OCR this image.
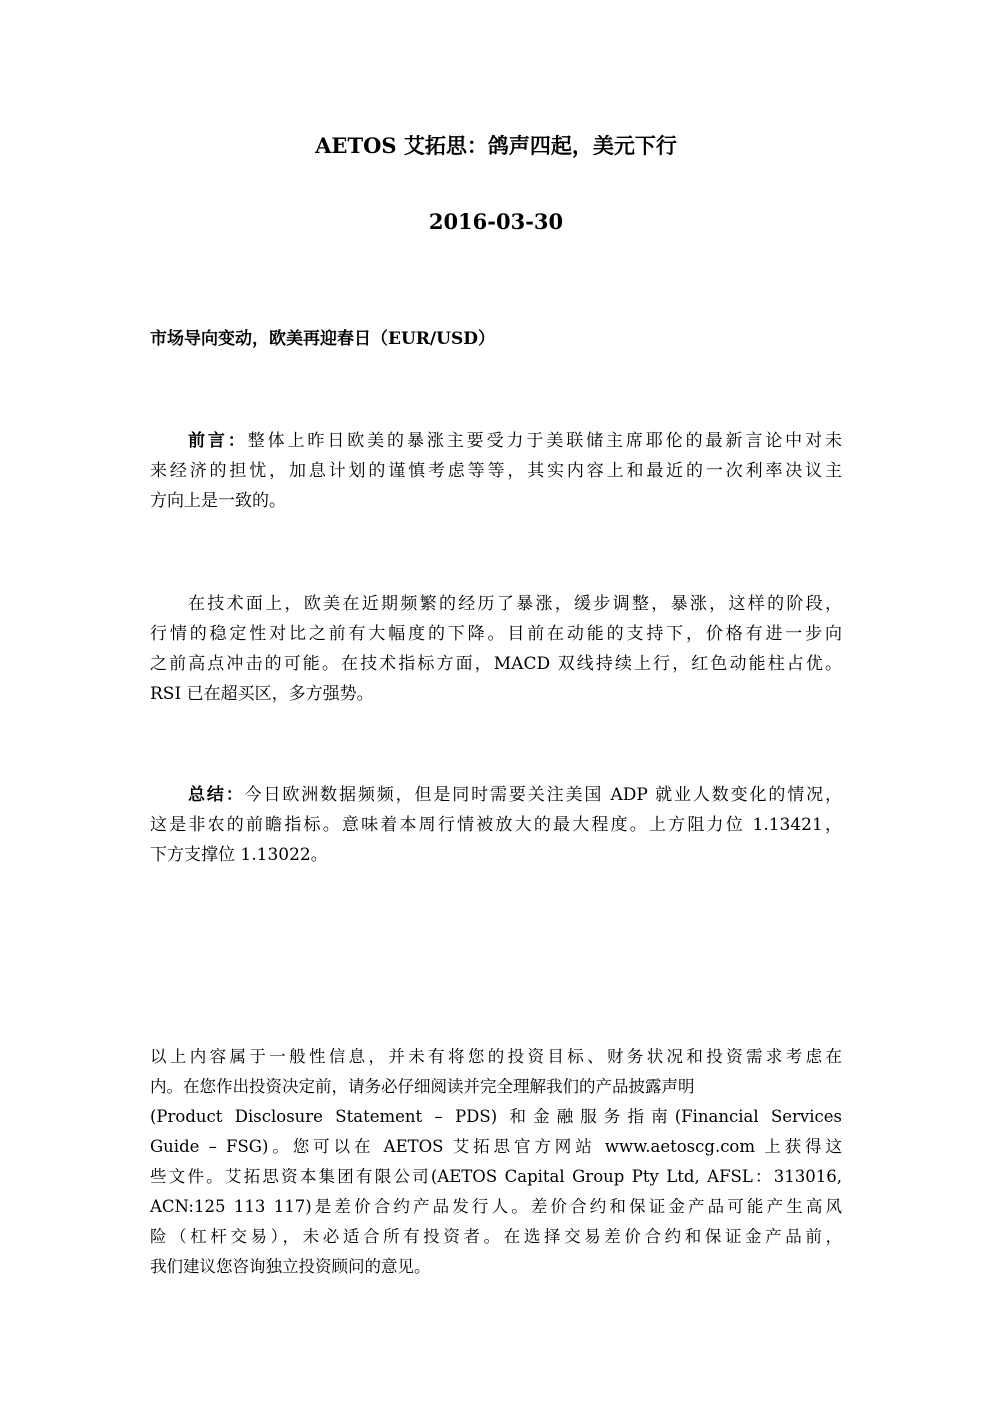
AETOS 艾拓思：鸽声四起，美元下行
2016-03-30
市场导向变动，欧美再迎春日（EUR/USD）
前言：整体上昨日欧美的暴涨主要受力于美联储主席耶伦的最新言论中对未
来经济的担忧，加息计划的谨慎考虑等等，其实内容上和最近的一次利率决议主
方向上是一致的。
在技术面上，欧美在近期频繁的经历了暴涨，缓步调整，暴涨，这样的阶段，
行情的稳定性对比之前有大幅度的下降。目前在动能的支持下，价格有进一步向
之前高点冲击的可能。在技术指标方面，MACD 双线持续上行，红色动能柱占优。
RSI 已在超买区，多方强势。
总结：今日欧洲数据频频，但是同时需要关注美国 ADP 就业人数变化的情况，
这是非农的前瞻指标。意味着本周行情被放大的最大程度。上方阻力位 1.13421，
下方支撑位 1.13022。
以上内容属于一般性信息，并未有将您的投资目标、财务状况和投资需求考虑在
内。在您作出投资决定前，请务必仔细阅读并完全理解我们的产品披露声明
(Product Disclosure Statement – PDS) 和金融服务指南(Financial Services
Guide – FSG)。您可以在 AETOS 艾拓思官方网站 www.aetoscg.com 上获得这
些文件。艾拓思资本集团有限公司(AETOS Capital Group Pty Ltd, AFSL：313016,
ACN:125 113 117)是差价合约产品发行人。差价合约和保证金产品可能产生高风
险（杠杆交易），未必适合所有投资者。在选择交易差价合约和保证金产品前，
我们建议您咨询独立投资顾问的意见。
